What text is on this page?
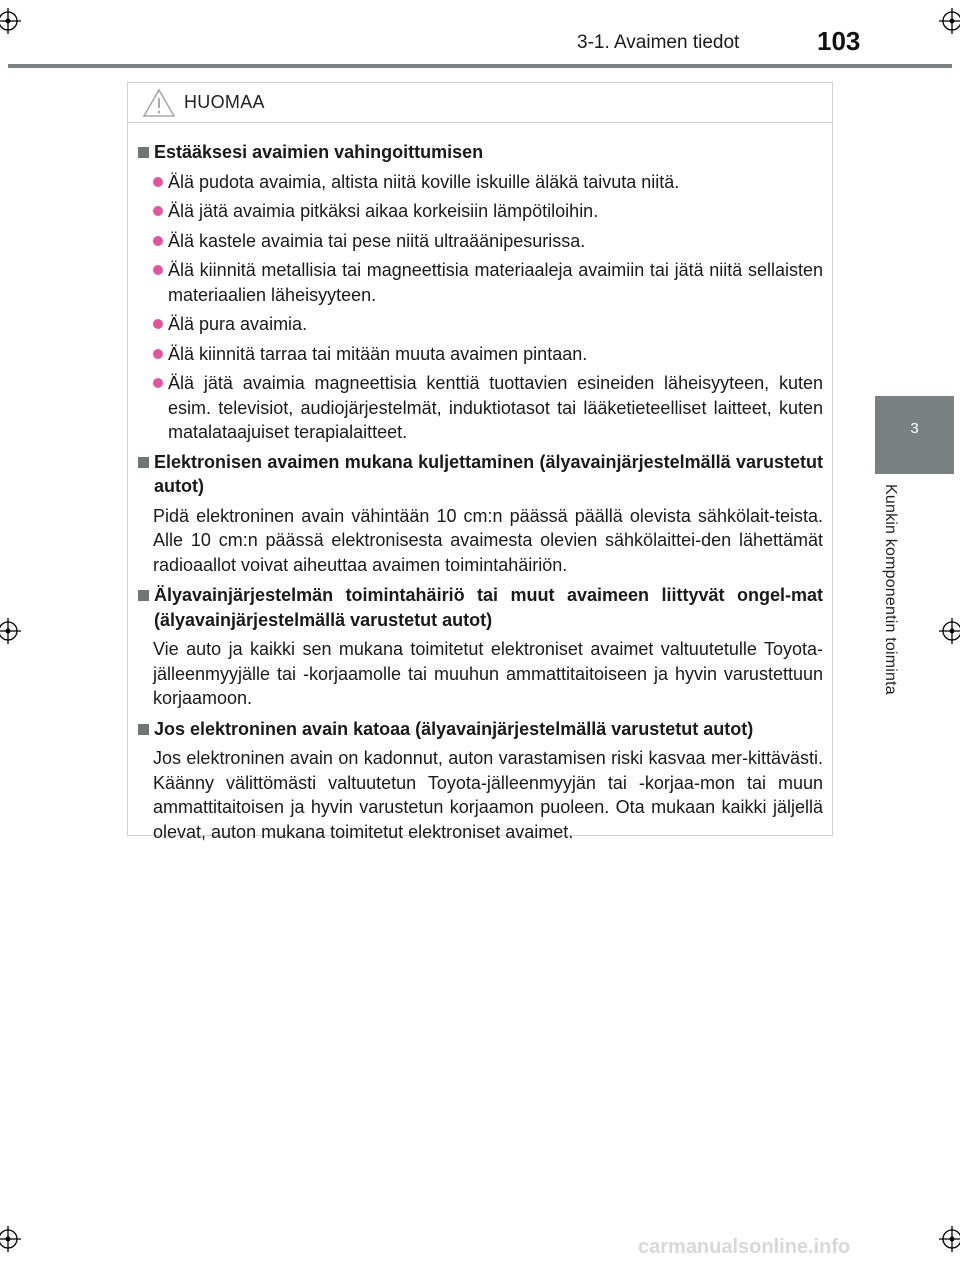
3-1. Avaimen tiedot	103
3
Kunkin komponentin toiminta
HUOMAA
Estääksesi avaimien vahingoittumisen
Älä pudota avaimia, altista niitä koville iskuille äläkä taivuta niitä.
Älä jätä avaimia pitkäksi aikaa korkeisiin lämpötiloihin.
Älä kastele avaimia tai pese niitä ultraäänipesurissa.
Älä kiinnitä metallisia tai magneettisia materiaaleja avaimiin tai jätä niitä sellaisten materiaalien läheisyyteen.
Älä pura avaimia.
Älä kiinnitä tarraa tai mitään muuta avaimen pintaan.
Älä jätä avaimia magneettisia kenttiä tuottavien esineiden läheisyyteen, kuten esim. televisiot, audiojärjestelmät, induktiotasot tai lääketieteelliset laitteet, kuten matalataajuiset terapialaitteet.
Elektronisen avaimen mukana kuljettaminen (älyavainjärjestelmällä varustetut autot)
Pidä elektroninen avain vähintään 10 cm:n päässä päällä olevista sähkölait-teista. Alle 10 cm:n päässä elektronisesta avaimesta olevien sähkölaittei-den lähettämät radioaallot voivat aiheuttaa avaimen toimintahäiriön.
Älyavainjärjestelmän toimintahäiriö tai muut avaimeen liittyvät ongel-mat (älyavainjärjestelmällä varustetut autot)
Vie auto ja kaikki sen mukana toimitetut elektroniset avaimet valtuutetulle Toyota-jälleenmyyjälle tai -korjaamolle tai muuhun ammattitaitoiseen ja hyvin varustettuun korjaamoon.
Jos elektroninen avain katoaa (älyavainjärjestelmällä varustetut autot)
Jos elektroninen avain on kadonnut, auton varastamisen riski kasvaa mer-kittävästi. Käänny välittömästi valtuutetun Toyota-jälleenmyyjän tai -korjaa-mon tai muun ammattitaitoisen ja hyvin varustetun korjaamon puoleen. Ota mukaan kaikki jäljellä olevat, auton mukana toimitetut elektroniset avaimet.
carmanualsonline.info
